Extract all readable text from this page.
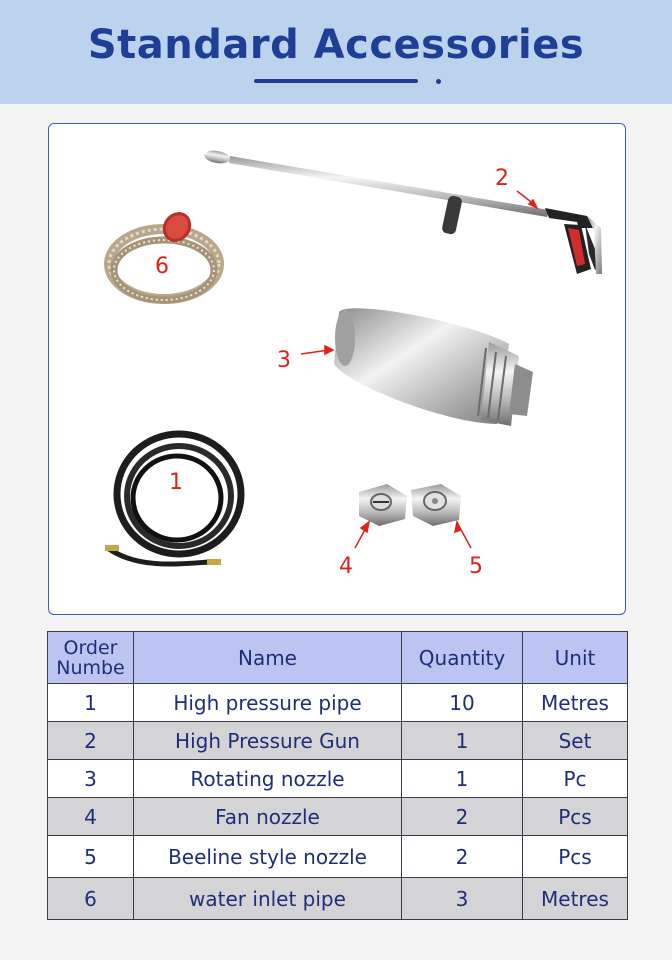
Standard Accessories
1
2
3
4	5
6
Order
Numbe	Name	Quantity	Unit
1	High pressure pipe	10	Metres
2	High Pressure Gun	1	Set
3	Rotating nozzle	1	Pc
4	Fan nozzle	2	Pcs
5	Beeline style nozzle	2	Pcs
6	water inlet pipe	3	Metres
